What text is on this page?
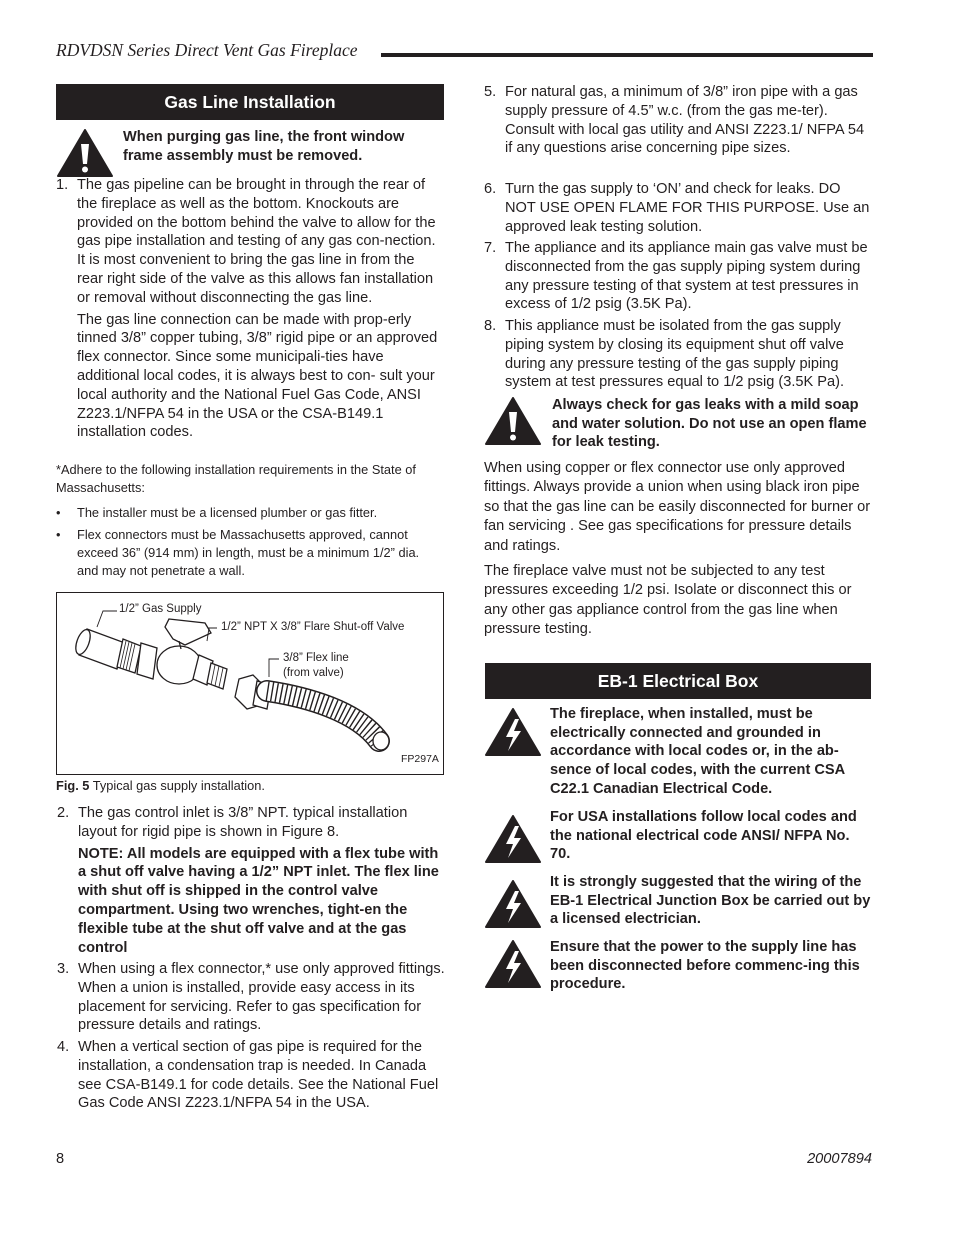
RDVDSN Series Direct Vent Gas Fireplace
Gas Line Installation
When purging gas line, the front window frame assembly must be removed.
1. The gas pipeline can be brought in through the rear of the fireplace as well as the bottom. Knockouts are provided on the bottom behind the valve to allow for the gas pipe installation and testing of any gas con-nection. It is most convenient to bring the gas line in from the rear right side of the valve as this allows fan installation or removal without disconnecting the gas line.
The gas line connection can be made with prop-erly tinned 3/8” copper tubing, 3/8” rigid pipe or an approved flex connector. Since some municipali-ties have additional local codes, it is always best to con- sult your local authority and the National Fuel Gas Code, ANSI Z223.1/NFPA 54 in the USA or the CSA-B149.1 installation codes.
*Adhere to the following installation requirements in the State of Massachusetts:
• The installer must be a licensed plumber or gas fitter.
• Flex connectors must be Massachusetts approved, cannot exceed 36” (914 mm) in length, must be a minimum 1/2” dia. and may not penetrate a wall.
1/2” Gas Supply
1/2” NPT X 3/8” Flare Shut-off Valve
3/8” Flex line
(from valve)
FP297A
Fig. 5 Typical gas supply installation.
2. The gas control inlet is 3/8” NPT. typical installation layout for rigid pipe is shown in Figure 8.
NOTE: All models are equipped with a flex tube with a shut off valve having a 1/2” NPT inlet. The flex line with shut off is shipped in the control valve compartment. Using two wrenches, tight-en the flexible tube at the shut off valve and at the gas control
3. When using a flex connector,* use only approved fittings. When a union is installed, provide easy access in its placement for servicing. Refer to gas specification for pressure details and ratings.
4. When a vertical section of gas pipe is required for the installation, a condensation trap is needed. In Canada see CSA-B149.1 for code details. See the National Fuel Gas Code ANSI Z223.1/NFPA 54 in the USA.
5. For natural gas, a minimum of 3/8” iron pipe with a gas supply pressure of 4.5” w.c. (from the gas me-ter). Consult with local gas utility and ANSI Z223.1/ NFPA 54 if any questions arise concerning pipe sizes.
6. Turn the gas supply to ‘ON’ and check for leaks. DO NOT USE OPEN FLAME FOR THIS PURPOSE. Use an approved leak testing solution.
7. The appliance and its appliance main gas valve must be disconnected from the gas supply piping system during any pressure testing of that system at test pressures in excess of 1/2 psig (3.5K Pa).
8. This appliance must be isolated from the gas supply piping system by closing its equipment shut off valve during any pressure testing of the gas supply piping system at test pressures equal to 1/2 psig (3.5K Pa).
Always check for gas leaks with a mild soap and water solution. Do not use an open flame for leak testing.
When using copper or flex connector use only approved fittings. Always provide a union when using black iron pipe so that the gas line can be easily disconnected for burner or fan servicing . See gas specifications for pressure details and ratings.
The fireplace valve must not be subjected to any test pressures exceeding 1/2 psi. Isolate or disconnect this or any other gas appliance control from the gas line when pressure testing.
EB-1 Electrical Box
The fireplace, when installed, must be electrically connected and grounded in accordance with local codes or, in the ab-sence of local codes, with the current CSA C22.1 Canadian Electrical Code.
For USA installations follow local codes and the national electrical code ANSI/ NFPA No. 70.
It is strongly suggested that the wiring of the EB-1 Electrical Junction Box be carried out by a licensed electrician.
Ensure that the power to the supply line has been disconnected before commenc-ing this procedure.
8	20007894
